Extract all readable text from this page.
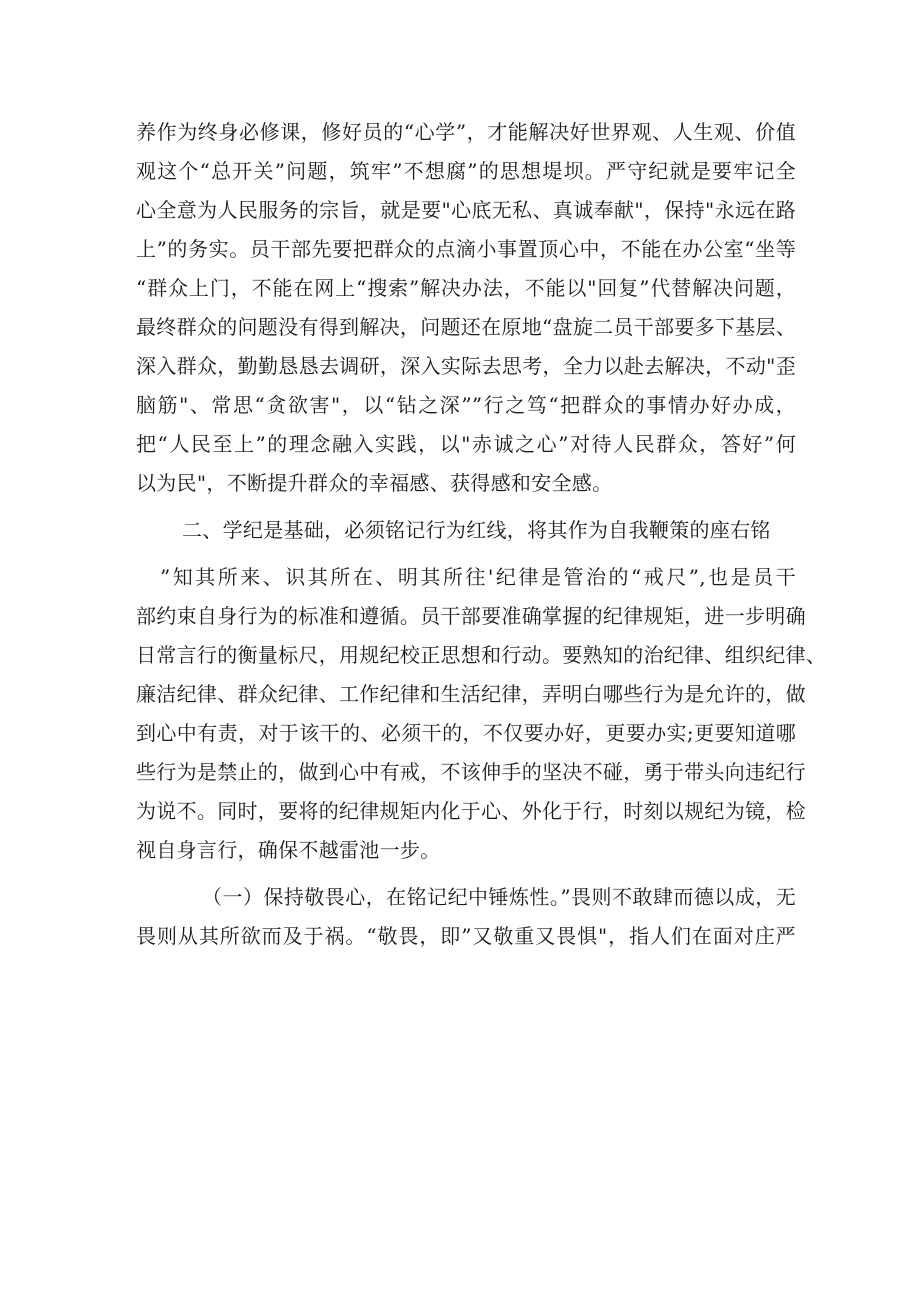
养作为终身必修课，修好员的“心学”，才能解决好世界观、人生观、价值
观这个“总开关”问题，筑牢”不想腐”的思想堤坝。严守纪就是要牢记全
心全意为人民服务的宗旨，就是要"心底无私、真诚奉献"，保持"永远在路
上”的务实。员干部先要把群众的点滴小事置顶心中，不能在办公室“坐等
“群众上门，不能在网上“搜索”解决办法，不能以"回复”代替解决问题，
最终群众的问题没有得到解决，问题还在原地“盘旋二员干部要多下基层、
深入群众，勤勤恳恳去调研，深入实际去思考，全力以赴去解决，不动"歪
脑筋"、常思“贪欲害"，以“钻之深””行之笃“把群众的事情办好办成，
把“人民至上”的理念融入实践，以"赤诚之心”对待人民群众，答好”何
以为民"，不断提升群众的幸福感、获得感和安全感。
二、学纪是基础，必须铭记行为红线，将其作为自我鞭策的座右铭
”知其所来、识其所在、明其所往'纪律是管治的“戒尺”,也是员干
部约束自身行为的标准和遵循。员干部要准确掌握的纪律规矩，进一步明确
日常言行的衡量标尺，用规纪校正思想和行动。要熟知的治纪律、组织纪律、
廉洁纪律、群众纪律、工作纪律和生活纪律，弄明白哪些行为是允许的，做
到心中有责，对于该干的、必须干的，不仅要办好，更要办实;更要知道哪
些行为是禁止的，做到心中有戒，不该伸手的坚决不碰，勇于带头向违纪行
为说不。同时，要将的纪律规矩内化于心、外化于行，时刻以规纪为镜，检
视自身言行，确保不越雷池一步。
（一）保持敬畏心，在铭记纪中锤炼性。”畏则不敢肆而德以成，无
畏则从其所欲而及于祸。“敬畏，即”又敬重又畏惧"，指人们在面对庄严
